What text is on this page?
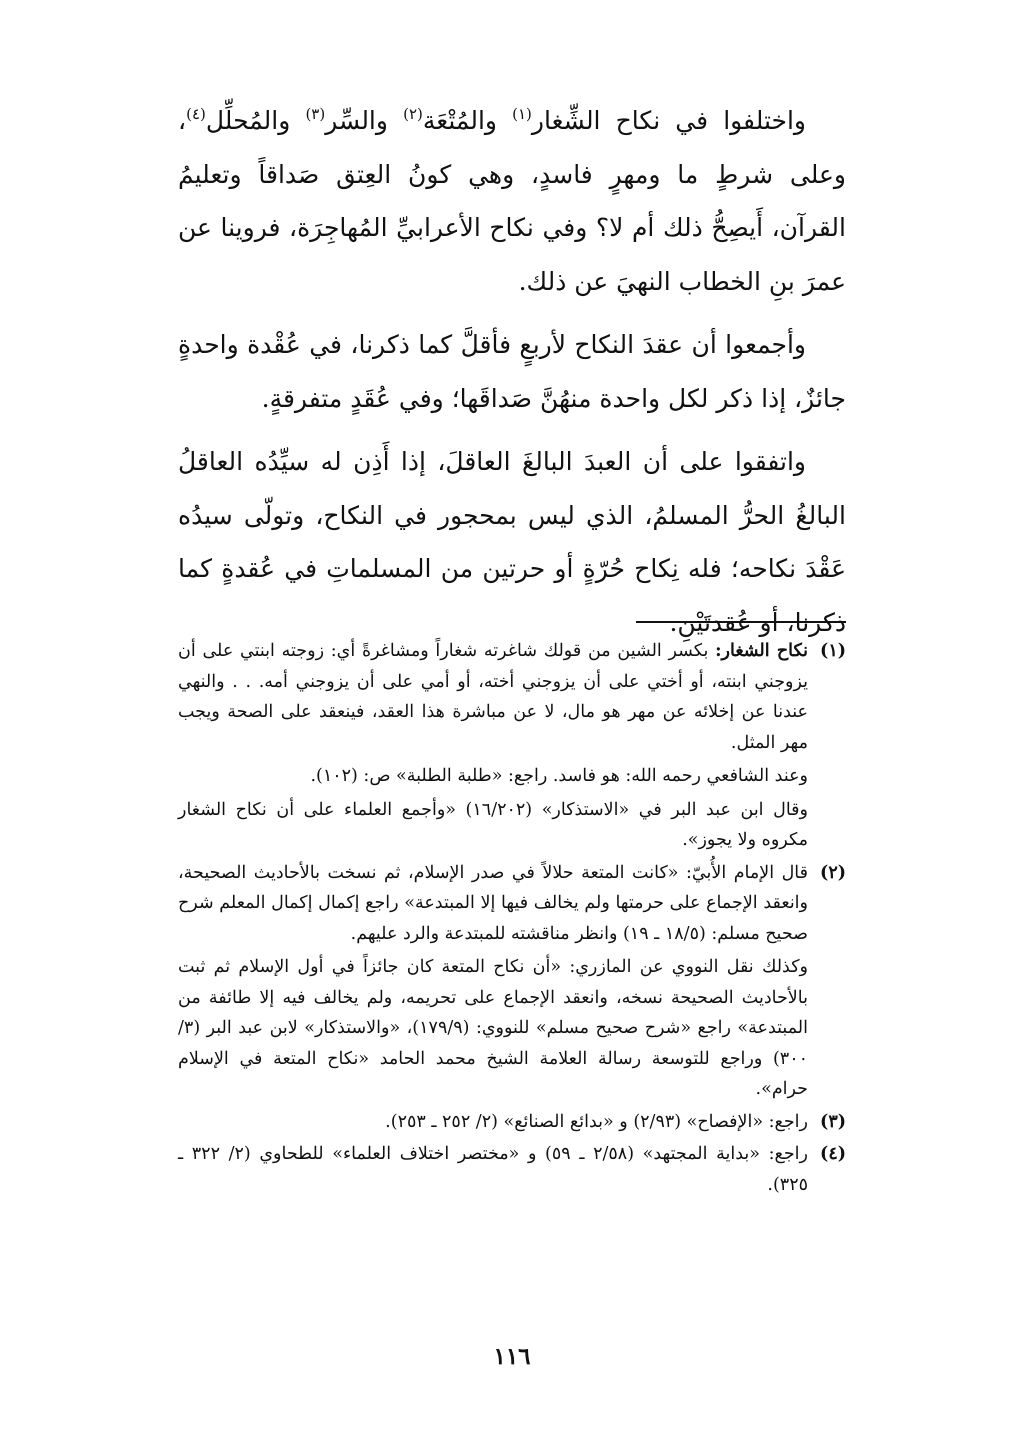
واختلفوا في نكاح الشِّغار$^{(١)}$ والمُتْعَة$^{(٢)}$ والسِّر$^{(٣)}$ والمُحلِّل$^{(٤)}$، وعلى شرطٍ ما ومهرٍ فاسدٍ، وهي كونُ العِتق صَداقاً وتعليمُ القرآن، أَيصِحُّ ذلك أم لا؟ وفي نكاح الأعرابيِّ المُهاجِرَة، فروينا عن عمرَ بنِ الخطاب النهيَ عن ذلك.

وأجمعوا أن عقدَ النكاح لأربعٍ فأقلَّ كما ذكرنا، في عُقْدة واحدةٍ جائزٌ، إذا ذكر لكل واحدة منهُنَّ صَداقَها؛ وفي عُقَدٍ متفرقةٍ.

واتفقوا على أن العبدَ البالغَ العاقلَ، إذا أَذِن له سيِّدُه العاقلُ البالغُ الحرُّ المسلمُ، الذي ليس بمحجور في النكاح، وتولّى سيدُه عَقْدَ نكاحه؛ فله نِكاح حُرّةٍ أو حرتين من المسلماتِ في عُقدةٍ كما ذكرنا، أو عُقدتَيْنِ.

(١)

نكاح الشغار: بكسر الشين من قولك شاغرته شغاراً ومشاغرةً أي: زوجته ابنتي على أن يزوجني ابنته، أو أختي على أن يزوجني أخته، أو أمي على أن يزوجني أمه. . . والنهي عندنا عن إخلائه عن مهر هو مال، لا عن مباشرة هذا العقد، فينعقد على الصحة ويجب مهر المثل.

وعند الشافعي رحمه الله: هو فاسد. راجع: «طلبة الطلبة» ص: (١٠٢).

وقال ابن عبد البر في «الاستذكار» (١٦/٢٠٢) «وأجمع العلماء على أن نكاح الشغار مكروه ولا يجوز».

(٢)

قال الإمام الأُبيّ: «كانت المتعة حلالاً في صدر الإسلام، ثم نسخت بالأحاديث الصحيحة، وانعقد الإجماع على حرمتها ولم يخالف فيها إلا المبتدعة» راجع إكمال إكمال المعلم شرح صحيح مسلم: (١٨/٥ ـ ١٩) وانظر مناقشته للمبتدعة والرد عليهم.

وكذلك نقل النووي عن المازري: «أن نكاح المتعة كان جائزاً في أول الإسلام ثم ثبت بالأحاديث الصحيحة نسخه، وانعقد الإجماع على تحريمه، ولم يخالف فيه إلا طائفة من المبتدعة» راجع «شرح صحيح مسلم» للنووي: (١٧٩/٩)، «والاستذكار» لابن عبد البر (٣/ ٣٠٠) وراجع للتوسعة رسالة العلامة الشيخ محمد الحامد «نكاح المتعة في الإسلام حرام».

(٣)

راجع: «الإفصاح» (٢/٩٣) و «بدائع الصنائع» (٢/ ٢٥٢ ـ ٢٥٣).

(٤)

راجع: «بداية المجتهد» (٢/٥٨ ـ ٥٩) و «مختصر اختلاف العلماء» للطحاوي (٢/ ٣٢٢ ـ ٣٢٥).

١١٦
